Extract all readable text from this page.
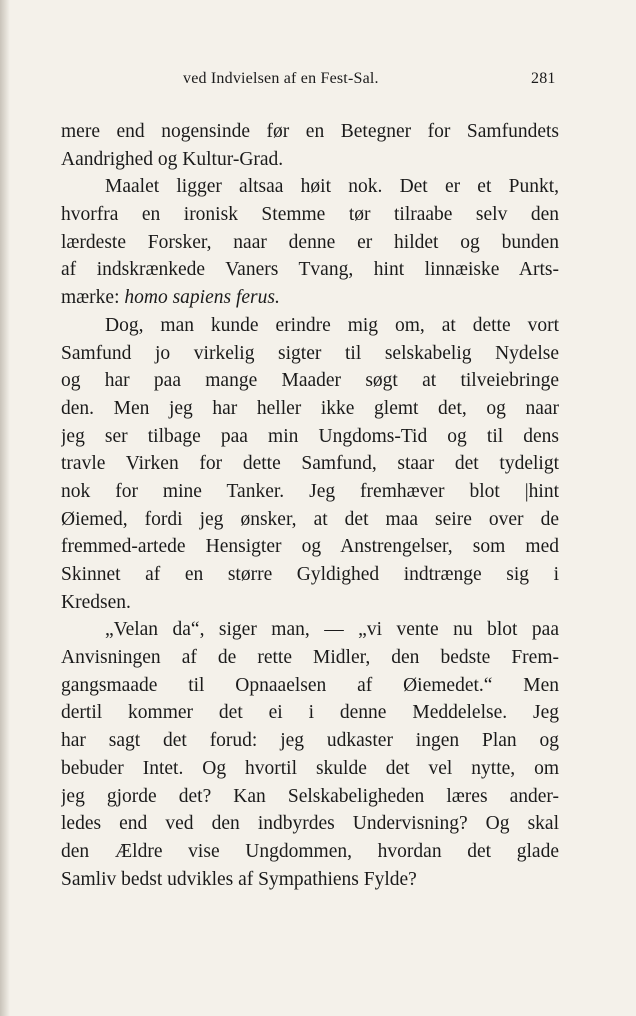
ved Indvielsen af en Fest-Sal.	281
mere end nogensinde før en Betegner for Samfundets
Aandrighed og Kultur-Grad.
Maalet ligger altsaa høit nok. Det er et Punkt,
hvorfra en ironisk Stemme tør tilraabe selv den
lærdeste Forsker, naar denne er hildet og bunden
af indskrænkede Vaners Tvang, hint linnæiske Arts-
mærke: homo sapiens ferus.
Dog, man kunde erindre mig om, at dette vort
Samfund jo virkelig sigter til selskabelig Nydelse
og har paa mange Maader søgt at tilveiebringe
den. Men jeg har heller ikke glemt det, og naar
jeg ser tilbage paa min Ungdoms-Tid og til dens
travle Virken for dette Samfund, staar det tydeligt
nok for mine Tanker. Jeg fremhæver blot |hint
Øiemed, fordi jeg ønsker, at det maa seire over de
fremmed-artede Hensigter og Anstrengelser, som med
Skinnet af en større Gyldighed indtrænge sig i
Kredsen.
„Velan da“, siger man, — „vi vente nu blot paa
Anvisningen af de rette Midler, den bedste Frem-
gangsmaade til Opnaaelsen af Øiemedet.“ Men
dertil kommer det ei i denne Meddelelse. Jeg
har sagt det forud: jeg udkaster ingen Plan og
bebuder Intet. Og hvortil skulde det vel nytte, om
jeg gjorde det? Kan Selskabeligheden læres ander-
ledes end ved den indbyrdes Undervisning? Og skal
den Ældre vise Ungdommen, hvordan det glade
Samliv bedst udvikles af Sympathiens Fylde?
